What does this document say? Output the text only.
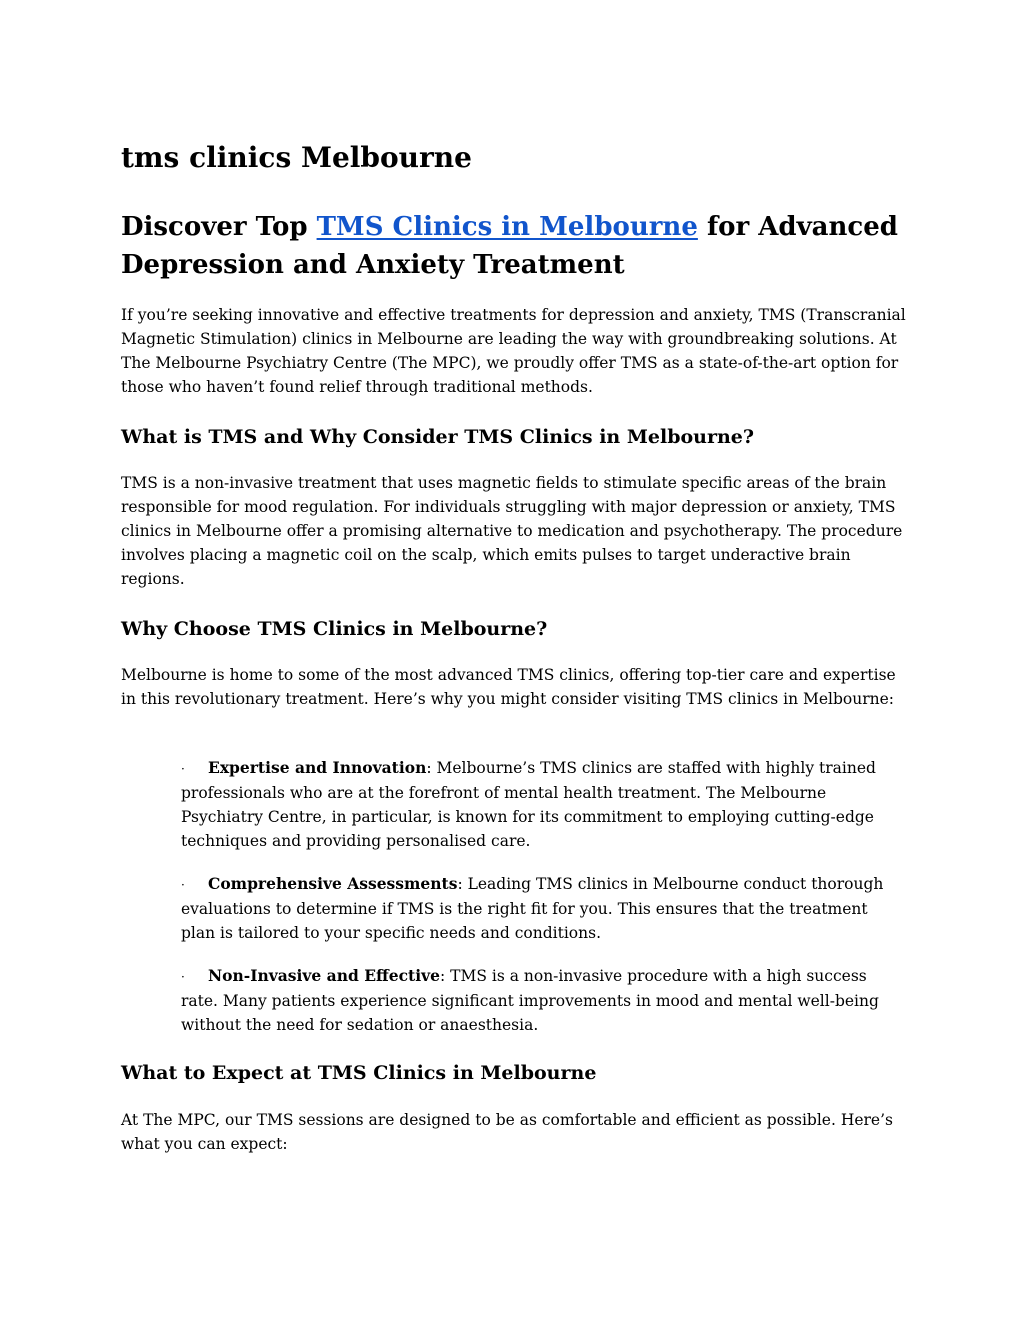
tms clinics Melbourne
Discover Top TMS Clinics in Melbourne for Advanced Depression and Anxiety Treatment

If you’re seeking innovative and effective treatments for depression and anxiety, TMS (Transcranial Magnetic Stimulation) clinics in Melbourne are leading the way with groundbreaking solutions. At The Melbourne Psychiatry Centre (The MPC), we proudly offer TMS as a state-of-the-art option for those who haven’t found relief through traditional methods.

What is TMS and Why Consider TMS Clinics in Melbourne?

TMS is a non-invasive treatment that uses magnetic fields to stimulate specific areas of the brain responsible for mood regulation. For individuals struggling with major depression or anxiety, TMS clinics in Melbourne offer a promising alternative to medication and psychotherapy. The procedure involves placing a magnetic coil on the scalp, which emits pulses to target underactive brain regions.

Why Choose TMS Clinics in Melbourne?

Melbourne is home to some of the most advanced TMS clinics, offering top-tier care and expertise in this revolutionary treatment. Here’s why you might consider visiting TMS clinics in Melbourne:

· Expertise and Innovation: Melbourne’s TMS clinics are staffed with highly trained professionals who are at the forefront of mental health treatment. The Melbourne Psychiatry Centre, in particular, is known for its commitment to employing cutting-edge techniques and providing personalised care.
· Comprehensive Assessments: Leading TMS clinics in Melbourne conduct thorough evaluations to determine if TMS is the right fit for you. This ensures that the treatment plan is tailored to your specific needs and conditions.
· Non-Invasive and Effective: TMS is a non-invasive procedure with a high success rate. Many patients experience significant improvements in mood and mental well-being without the need for sedation or anaesthesia.
What to Expect at TMS Clinics in Melbourne

At The MPC, our TMS sessions are designed to be as comfortable and efficient as possible. Here’s what you can expect:
